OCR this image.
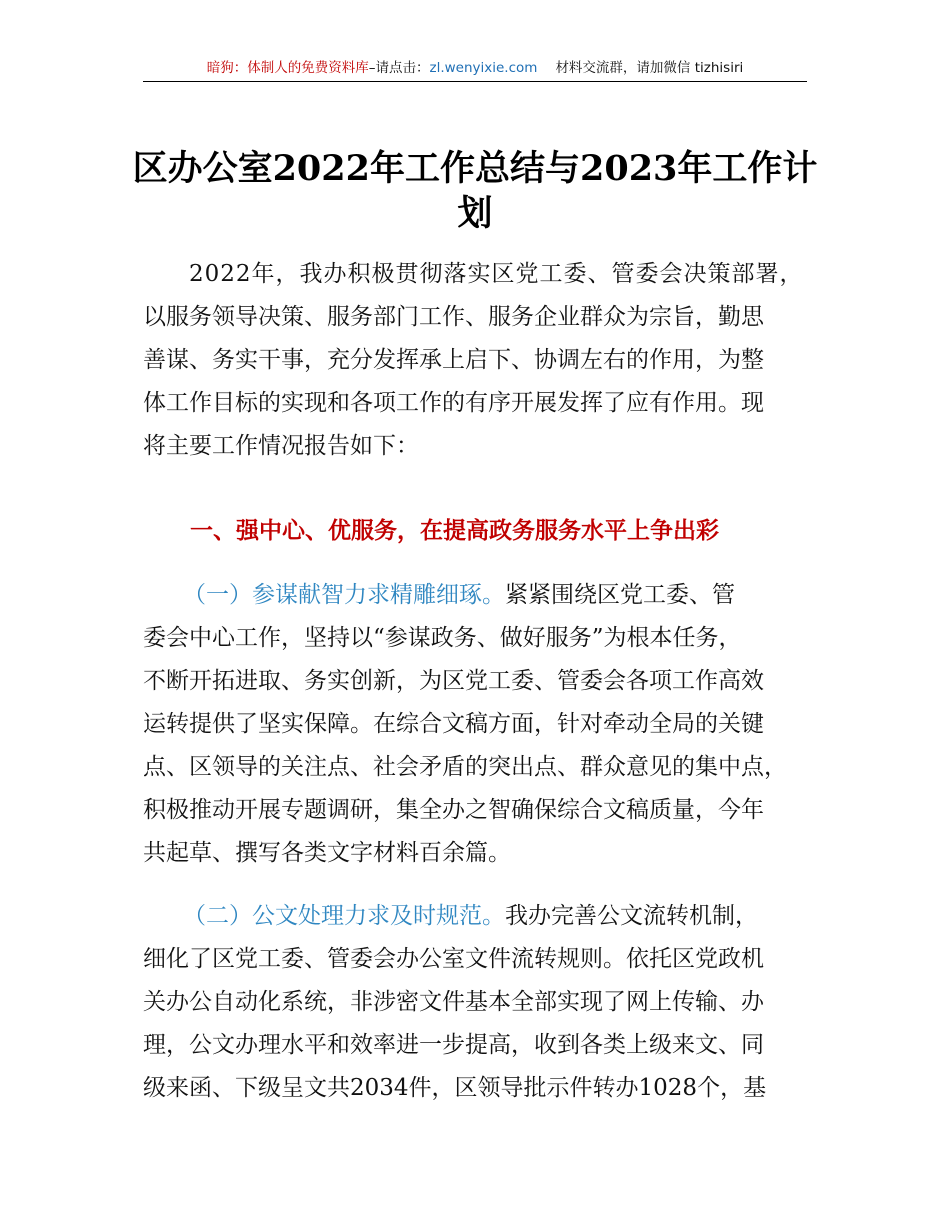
暗狗：体制人的免费资料库–请点击：zl.wenyixie.com 材料交流群，请加微信 tizhisiri
区办公室2022年工作总结与2023年工作计
划
2022年，我办积极贯彻落实区党工委、管委会决策部署，
以服务领导决策、服务部门工作、服务企业群众为宗旨，勤思
善谋、务实干事，充分发挥承上启下、协调左右的作用，为整
体工作目标的实现和各项工作的有序开展发挥了应有作用。现
将主要工作情况报告如下：
一、强中心、优服务，在提高政务服务水平上争出彩
（一）参谋献智力求精雕细琢。紧紧围绕区党工委、管
委会中心工作，坚持以“参谋政务、做好服务”为根本任务，
不断开拓进取、务实创新，为区党工委、管委会各项工作高效
运转提供了坚实保障。在综合文稿方面，针对牵动全局的关键
点、区领导的关注点、社会矛盾的突出点、群众意见的集中点，
积极推动开展专题调研，集全办之智确保综合文稿质量，今年
共起草、撰写各类文字材料百余篇。
（二）公文处理力求及时规范。我办完善公文流转机制，
细化了区党工委、管委会办公室文件流转规则。依托区党政机
关办公自动化系统，非涉密文件基本全部实现了网上传输、办
理，公文办理水平和效率进一步提高，收到各类上级来文、同
级来函、下级呈文共2034件，区领导批示件转办1028个，基
